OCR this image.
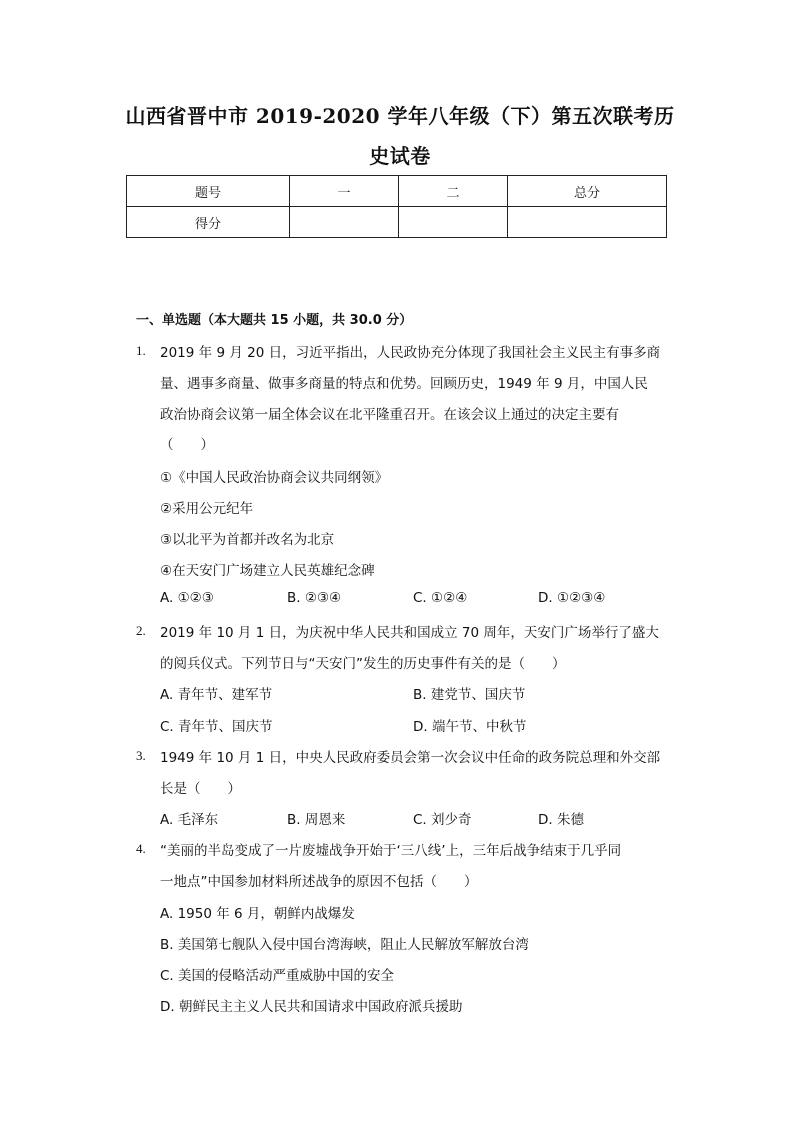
山西省晋中市 2019-2020 学年八年级（下）第五次联考历
史试卷
题号	一	二	总分
得分			
一、单选题（本大题共 15 小题，共 30.0 分）
1. 2019 年 9 月 20 日，习近平指出，人民政协充分体现了我国社会主义民主有事多商
量、遇事多商量、做事多商量的特点和优势。回顾历史，1949 年 9 月，中国人民
政治协商会议第一届全体会议在北平隆重召开。在该会议上通过的决定主要有
（　　）
①《中国人民政治协商会议共同纲领》
②采用公元纪年
③以北平为首都并改名为北京
④在天安门广场建立人民英雄纪念碑
A. ①②③	B. ②③④	C. ①②④	D. ①②③④
2. 2019 年 10 月 1 日，为庆祝中华人民共和国成立 70 周年，天安门广场举行了盛大
的阅兵仪式。下列节日与“天安门”发生的历史事件有关的是（　　）
A. 青年节、建军节	B. 建党节、国庆节
C. 青年节、国庆节	D. 端午节、中秋节
3. 1949 年 10 月 1 日，中央人民政府委员会第一次会议中任命的政务院总理和外交部
长是（　　）
A. 毛泽东	B. 周恩来	C. 刘少奇	D. 朱德
4. “美丽的半岛变成了一片废墟战争开始于‘三八线’上，三年后战争结束于几乎同
一地点”中国参加材料所述战争的原因不包括（　　）
A. 1950 年 6 月，朝鲜内战爆发
B. 美国第七舰队入侵中国台湾海峡，阻止人民解放军解放台湾
C. 美国的侵略活动严重威胁中国的安全
D. 朝鲜民主主义人民共和国请求中国政府派兵援助
